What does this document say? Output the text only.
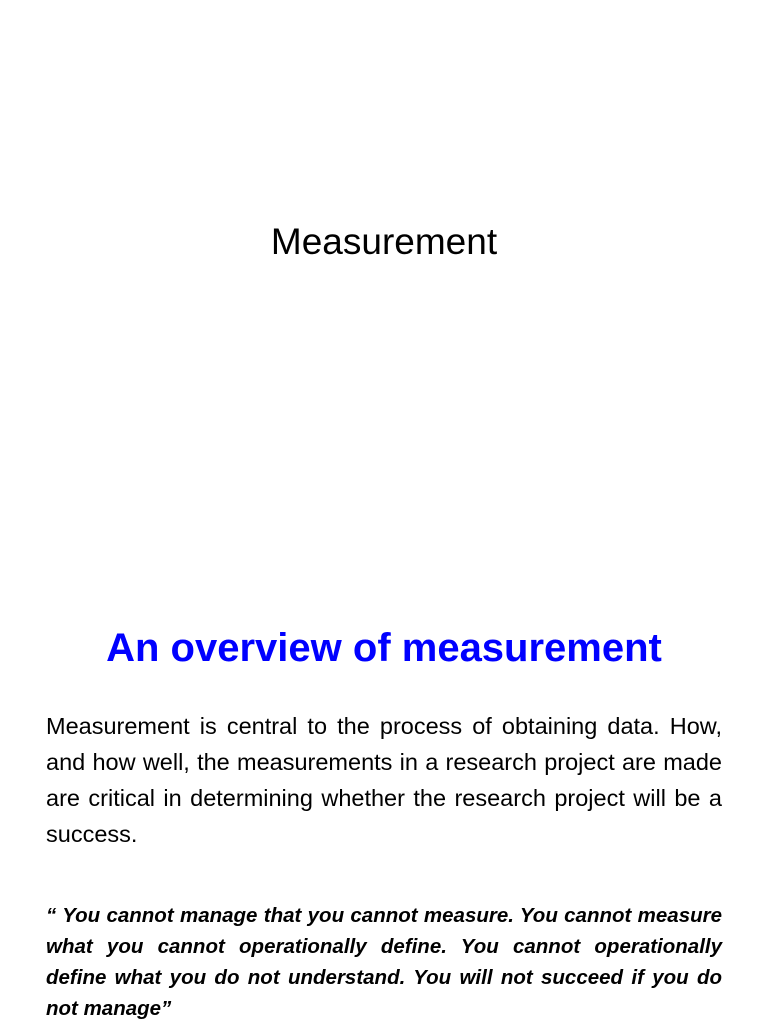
Measurement
An overview of measurement

Measurement is central to the process of obtaining data. How, and how well, the measurements in a research project are made are critical in determining whether the research project will be a success.

“ You cannot manage that you cannot measure. You cannot measure what you cannot operationally define. You cannot operationally define what you do not understand. You will not succeed if you do not manage”
